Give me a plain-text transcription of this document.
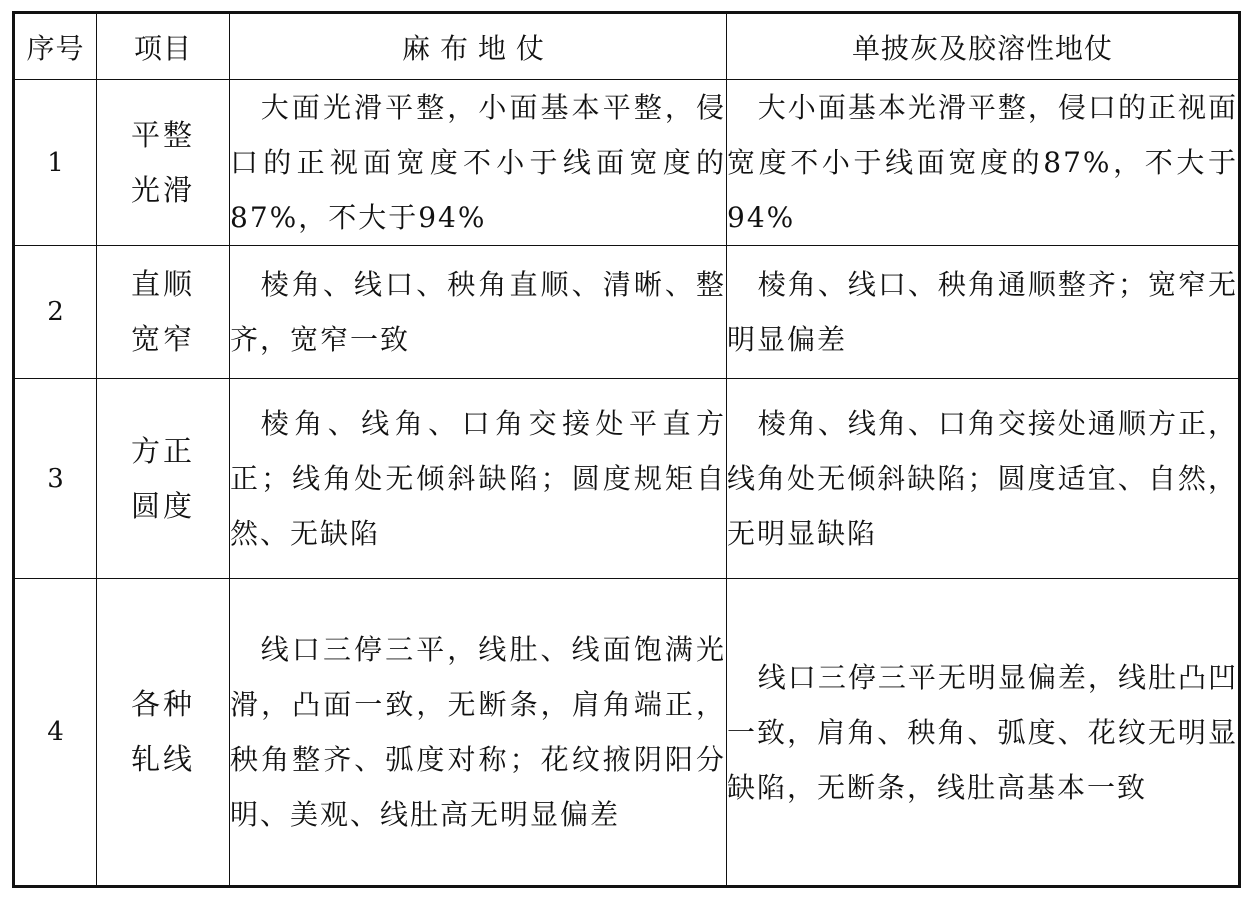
序号	项目	麻布地仗	单披灰及胶溶性地仗
1	平整光滑	大面光滑平整，小面基本平整，侵口的正视面宽度不小于线面宽度的87%，不大于94%	大小面基本光滑平整，侵口的正视面宽度不小于线面宽度的87%，不大于94%

2	直顺宽窄	棱角、线口、秧角直顺、清晰、整齐，宽窄一致	棱角、线口、秧角通顺整齐；宽窄无明显偏差

3	方正圆度	棱角、线角、口角交接处平直方正；线角处无倾斜缺陷；圆度规矩自然、无缺陷	棱角、线角、口角交接处通顺方正，线角处无倾斜缺陷；圆度适宜、自然，无明显缺陷

4	各种轧线	线口三停三平，线肚、线面饱满光滑，凸面一致，无断条，肩角端正，秧角整齐、弧度对称；花纹掖阴阳分明、美观、线肚高无明显偏差	线口三停三平无明显偏差，线肚凸凹一致，肩角、秧角、弧度、花纹无明显缺陷，无断条，线肚高基本一致
